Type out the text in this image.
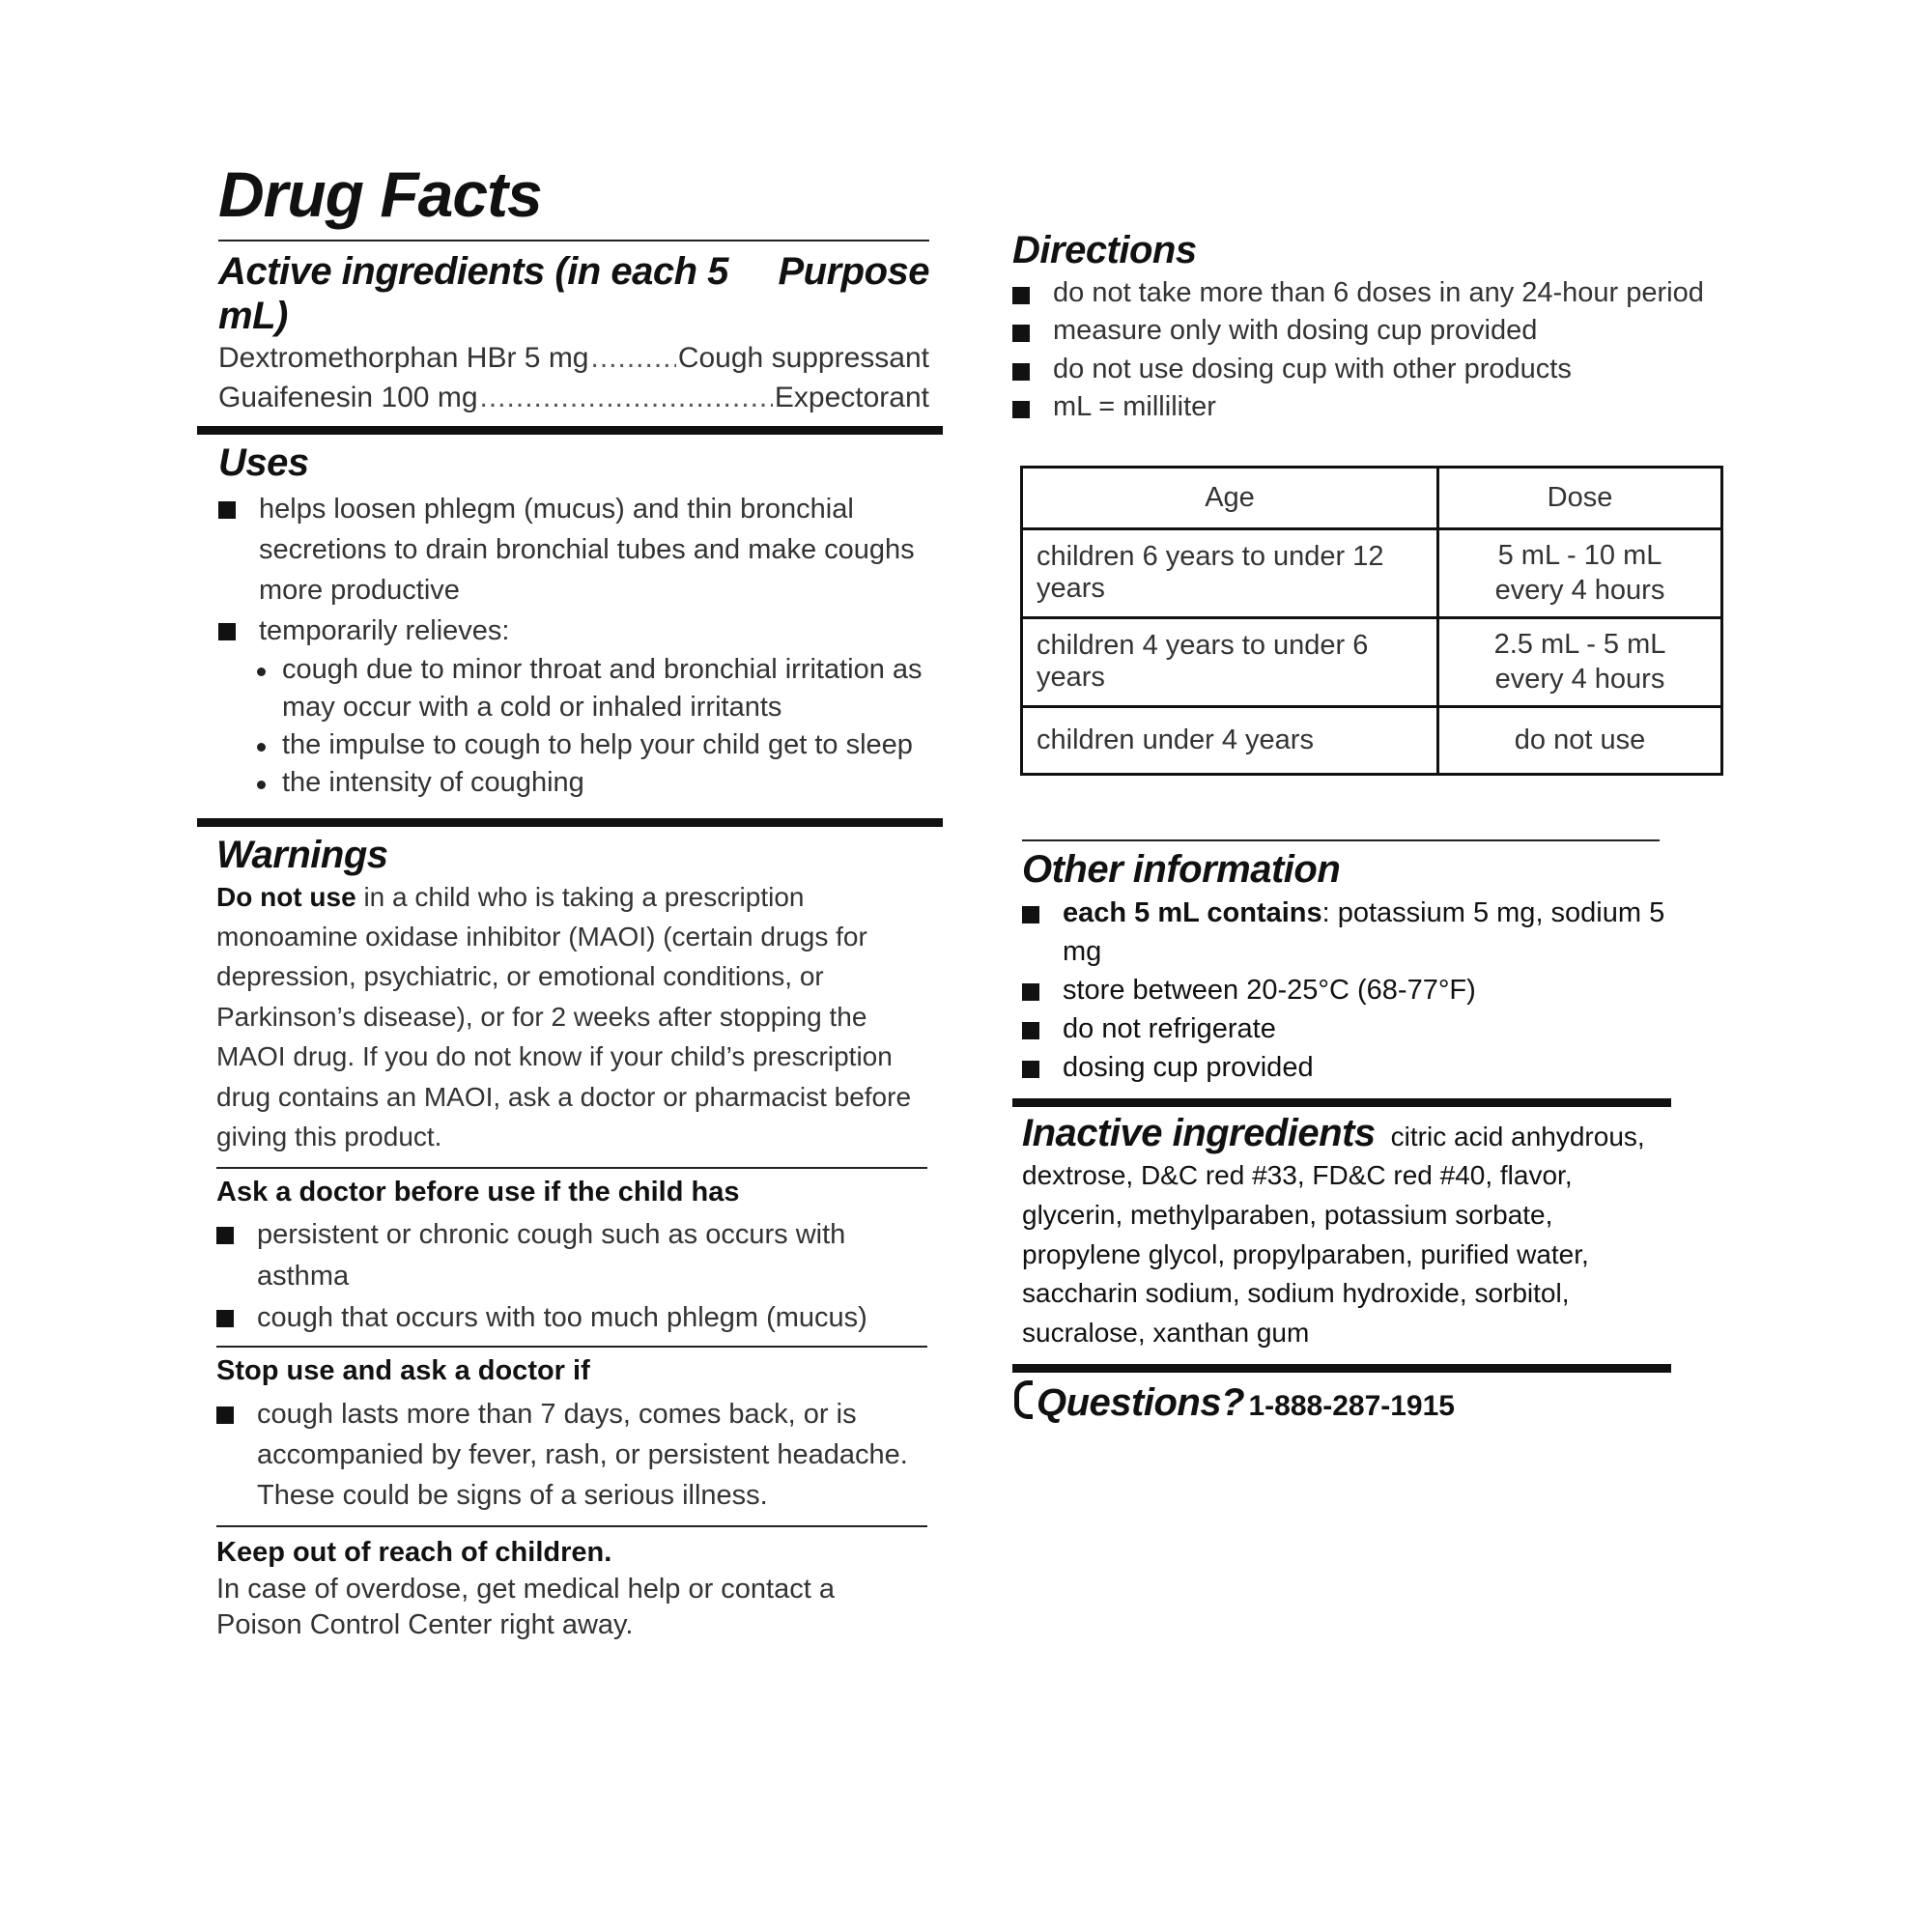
Drug Facts
Active ingredients (in each 5 mL)
Purpose
Dextromethorphan HBr 5 mg .....	Cough suppressant
Guaifenesin 100 mg .....	Expectorant
Uses
helps loosen phlegm (mucus) and thin bronchial secretions to drain bronchial tubes and make coughs more productive
temporarily relieves:
cough due to minor throat and bronchial irritation as may occur with a cold or inhaled irritants
the impulse to cough to help your child get to sleep
the intensity of coughing
Warnings
Do not use in a child who is taking a prescription monoamine oxidase inhibitor (MAOI) (certain drugs for depression, psychiatric, or emotional conditions, or Parkinson’s disease), or for 2 weeks after stopping the MAOI drug. If you do not know if your child’s prescription drug contains an MAOI, ask a doctor or pharmacist before giving this product.
Ask a doctor before use if the child has
persistent or chronic cough such as occurs with asthma
cough that occurs with too much phlegm (mucus)
Stop use and ask a doctor if
cough lasts more than 7 days, comes back, or is accompanied by fever, rash, or persistent headache. These could be signs of a serious illness.
Keep out of reach of children.
In case of overdose, get medical help or contact a Poison Control Center right away.
Directions
do not take more than 6 doses in any 24-hour period
measure only with dosing cup provided
do not use dosing cup with other products
mL = milliliter
Age	Dose
children 6 years to under 12 years	5 mL - 10 mL
every 4 hours

children 4 years to under 6 years	2.5 mL - 5 mL
every 4 hours

children under 4 years	do not use
Other information
each 5 mL contains: potassium 5 mg, sodium 5 mg
store between 20-25°C (68-77°F)
do not refrigerate
dosing cup provided
Inactive ingredients citric acid anhydrous, dextrose, D&C red #33, FD&C red #40, flavor, glycerin, methylparaben, potassium sorbate, propylene glycol, propylparaben, purified water, saccharin sodium, sodium hydroxide, sorbitol, sucralose, xanthan gum
Questions? 1-888-287-1915
